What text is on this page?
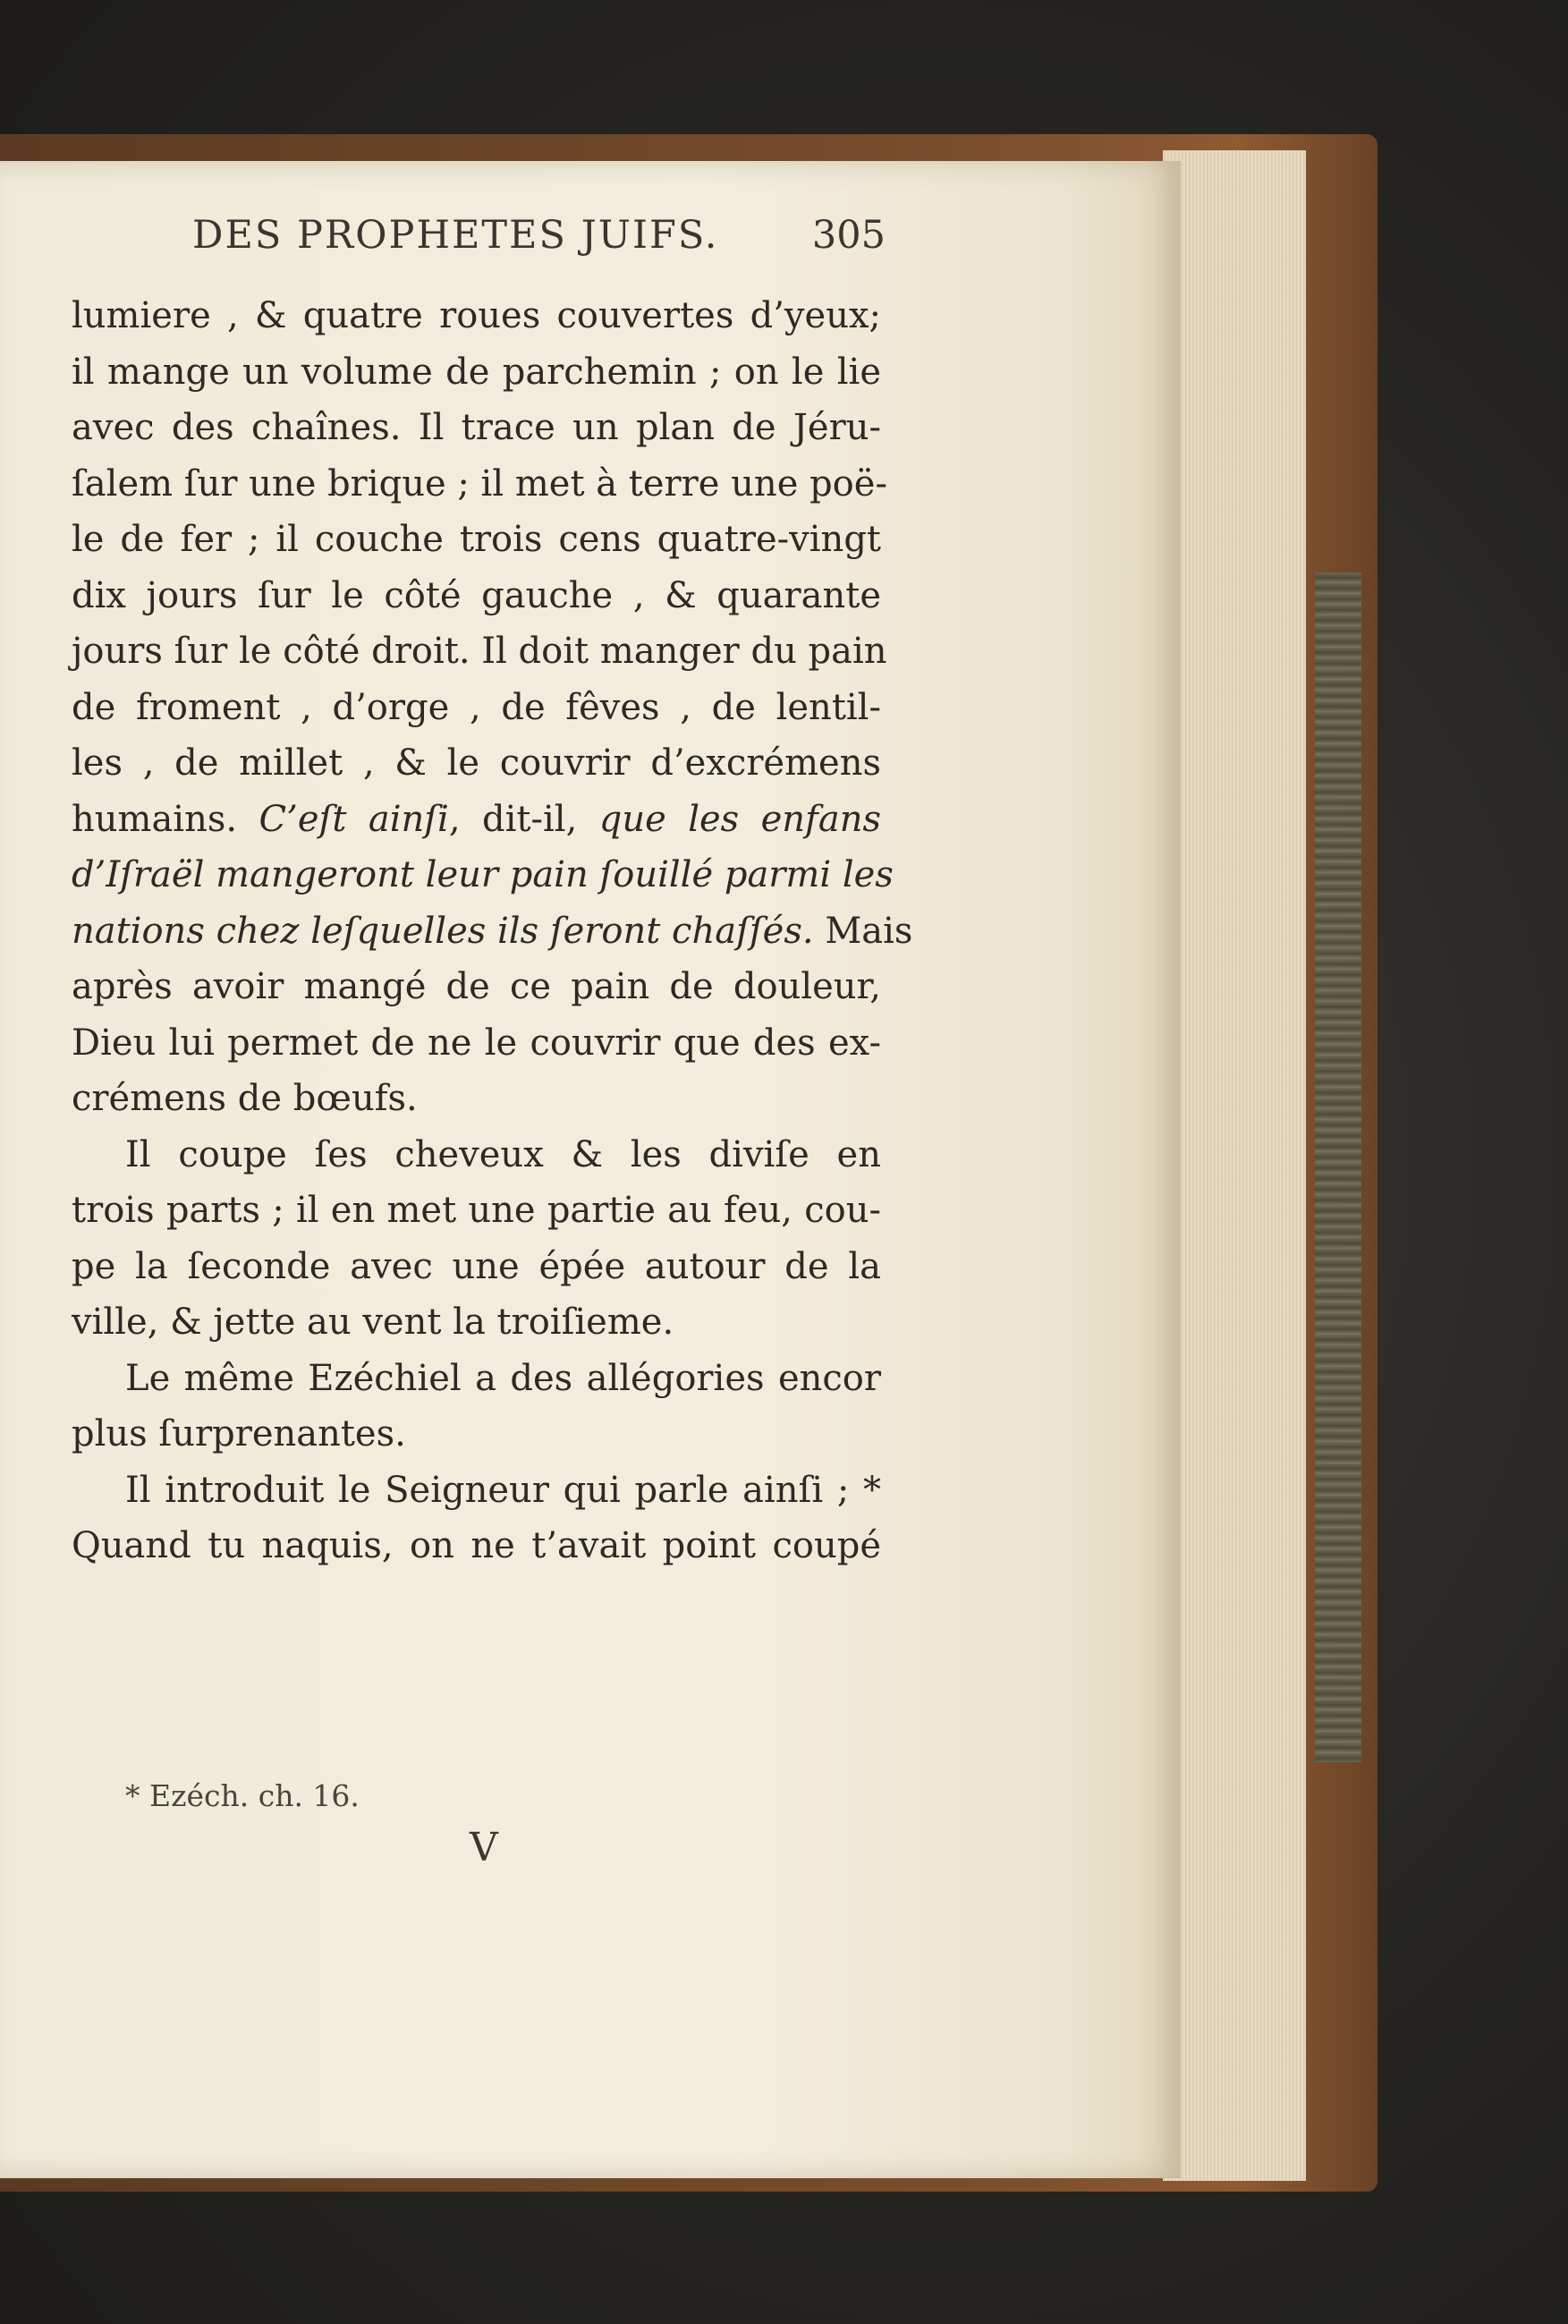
DES PROPHETES JUIFS. 305
lumiere , & quatre roues couvertes d’yeux;
il mange un volume de parchemin ; on le lie
avec des chaînes. Il trace un plan de Jéru-
ſalem ſur une brique ; il met à terre une poë-
le de fer ; il couche trois cens quatre-vingt
dix jours ſur le côté gauche , & quarante
jours ſur le côté droit. Il doit manger du pain
de froment , d’orge , de fêves , de lentil-
les , de millet , & le couvrir d’excrémens
humains. C’eſt ainſi, dit-il, que les enfans
d’Iſraël mangeront leur pain ſouillé parmi les
nations chez leſquelles ils ſeront chaſſés. Mais
après avoir mangé de ce pain de douleur,
Dieu lui permet de ne le couvrir que des ex-
crémens de bœufs.
Il coupe ſes cheveux & les diviſe en
trois parts ; il en met une partie au feu, cou-
pe la ſeconde avec une épée autour de la
ville, & jette au vent la troiſieme.
Le même Ezéchiel a des allégories encor
plus ſurprenantes.
Il introduit le Seigneur qui parle ainſi ; *
Quand tu naquis, on ne t’avait point coupé
* Ezéch. ch. 16.
V
